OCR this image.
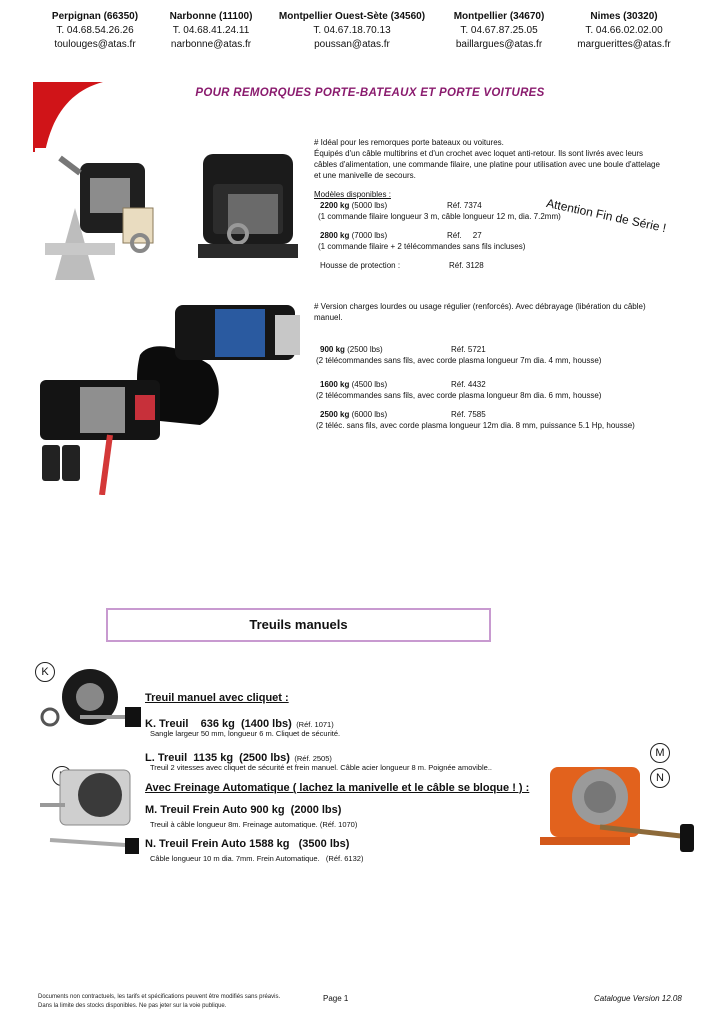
Perpignan (66350)
T. 04.68.54.26.26
toulouges@atas.fr
Narbonne (11100)
T. 04.68.41.24.11
narbonne@atas.fr
Montpellier Ouest-Sète (34560)
T. 04.67.18.70.13
poussan@atas.fr
Montpellier (34670)
T. 04.67.87.25.05
baillargues@atas.fr
Nimes (30320)
T. 04.66.02.02.00
marguerittes@atas.fr
POUR REMORQUES PORTE-BATEAUX ET PORTE VOITURES
# Idéal pour les remorques porte bateaux ou voitures.
Équipés d'un câble multibrins et d'un crochet avec loquet anti-retour. Ils sont livrés avec leurs
câbles d'alimentation, une commande filaire, une platine pour utilisation avec une boule d'attelage
et une manivelle de secours.
Modèles disponibles :
Attention Fin de Série !
2200 kg (5000 lbs)	Réf. 7374
(1 commande filaire longueur 3 m, câble longueur 12 m, dia. 7.2mm)
2800 kg (7000 lbs)	Réf.     27
(1 commande filaire + 2 télécommandes sans fils incluses)
Housse de protection :	Réf. 3128
# Version charges lourdes ou usage régulier (renforcés). Avec débrayage (libération du câble)
manuel.
900 kg (2500 lbs)	Réf. 5721
(2 télécommandes sans fils, avec corde plasma longueur 7m dia. 4 mm, housse)
1600 kg (4500 lbs)	Réf. 4432
(2 télécommandes sans fils, avec corde plasma longueur 8m dia. 6 mm, housse)
2500 kg (6000 lbs)	Réf. 7585
(2 téléc. sans fils, avec corde plasma longueur 12m dia. 8 mm, puissance 5.1 Hp, housse)
Treuils manuels
K
M
N
Treuil manuel avec cliquet :
K. Treuil    636 kg  (1400 lbs) (Réf. 1071)
Sangle largeur 50 mm, longueur 6 m. Cliquet de sécurité.
L. Treuil  1135 kg  (2500 lbs) (Réf. 2505)
Treuil 2 vitesses avec cliquet de sécurité et frein manuel. Câble acier longueur 8 m. Poignée amovible..
Avec Freinage Automatique ( lachez la manivelle et le câble se bloque ! ) :
M. Treuil Frein Auto 900 kg  (2000 lbs)
Treuil à câble longueur 8m. Freinage automatique. (Réf. 1070)
N. Treuil Frein Auto 1588 kg   (3500 lbs)
Câble longueur 10 m dia. 7mm. Frein Automatique.   (Réf. 6132)
Documents non contractuels, les tarifs et spécifications peuvent être modifiés sans préavis.
Dans la limite des stocks disponibles. Ne pas jeter sur la voie publique.
Page 1	Catalogue Version 12.08
